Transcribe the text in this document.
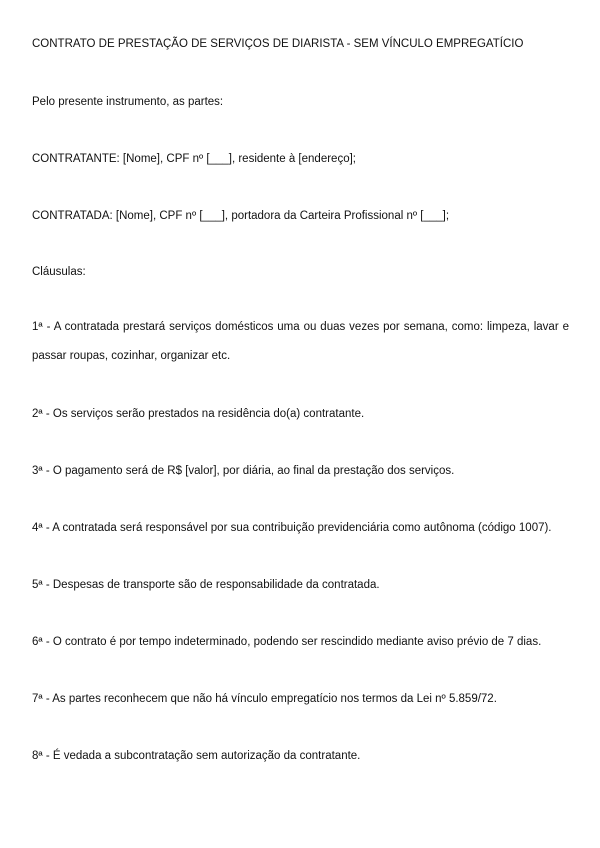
CONTRATO DE PRESTAÇÃO DE SERVIÇOS DE DIARISTA - SEM VÍNCULO EMPREGATÍCIO

Pelo presente instrumento, as partes:

CONTRATANTE: [Nome], CPF nº [___], residente à [endereço];

CONTRATADA: [Nome], CPF nº [___], portadora da Carteira Profissional nº [___];

Cláusulas:

1ª - A contratada prestará serviços domésticos uma ou duas vezes por semana, como: limpeza, lavar e passar roupas, cozinhar, organizar etc.

2ª - Os serviços serão prestados na residência do(a) contratante.

3ª - O pagamento será de R$ [valor], por diária, ao final da prestação dos serviços.

4ª - A contratada será responsável por sua contribuição previdenciária como autônoma (código 1007).

5ª - Despesas de transporte são de responsabilidade da contratada.

6ª - O contrato é por tempo indeterminado, podendo ser rescindido mediante aviso prévio de 7 dias.

7ª - As partes reconhecem que não há vínculo empregatício nos termos da Lei nº 5.859/72.

8ª - É vedada a subcontratação sem autorização da contratante.
